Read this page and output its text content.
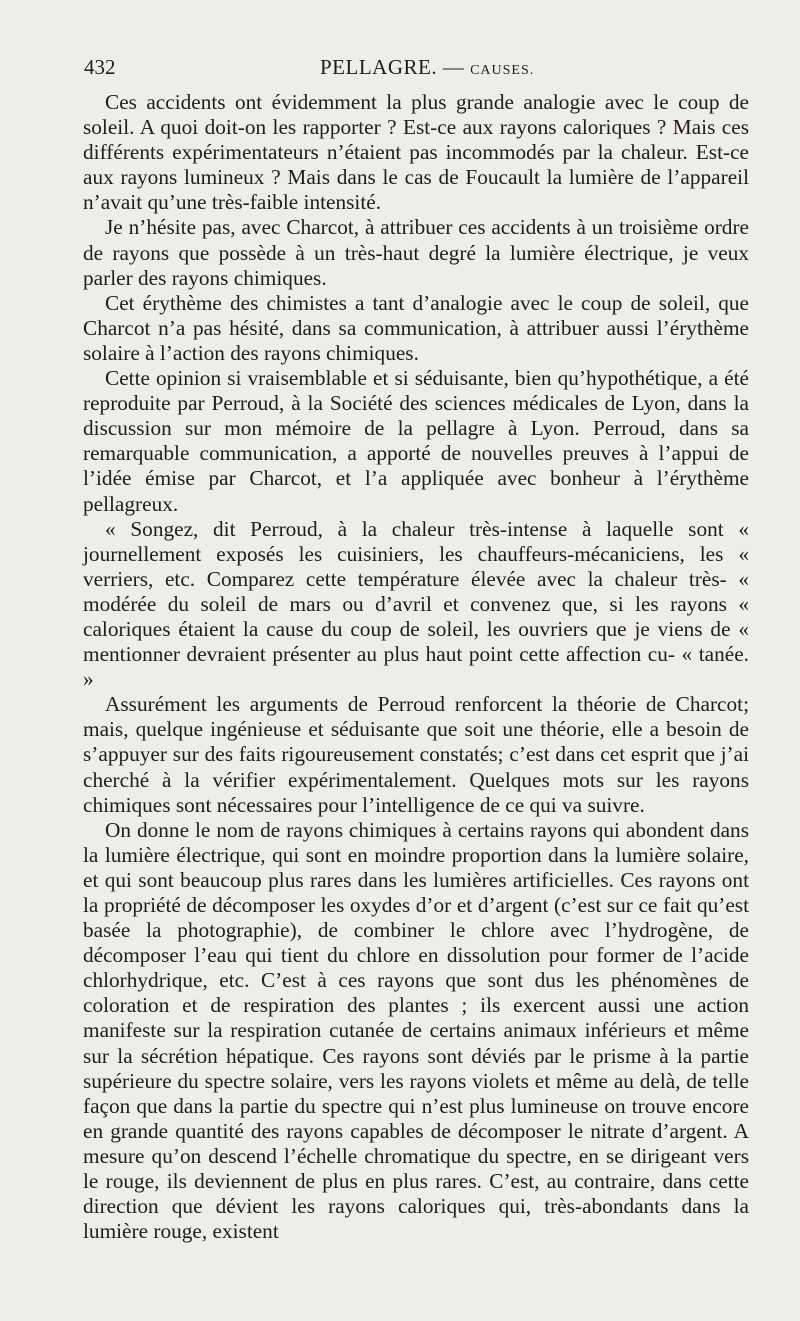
432	PELLAGRE. — CAUSES.

Ces accidents ont évidemment la plus grande analogie avec le coup de soleil. A quoi doit-on les rapporter ? Est-ce aux rayons caloriques ? Mais ces différents expérimentateurs n’étaient pas incommodés par la chaleur. Est-ce aux rayons lumineux ? Mais dans le cas de Foucault la lumière de l’appareil n’avait qu’une très-faible intensité.

Je n’hésite pas, avec Charcot, à attribuer ces accidents à un troisième ordre de rayons que possède à un très-haut degré la lumière électrique, je veux parler des rayons chimiques.

Cet érythème des chimistes a tant d’analogie avec le coup de soleil, que Charcot n’a pas hésité, dans sa communication, à attribuer aussi l’érythème solaire à l’action des rayons chimiques.

Cette opinion si vraisemblable et si séduisante, bien qu’hypothétique, a été reproduite par Perroud, à la Société des sciences médicales de Lyon, dans la discussion sur mon mémoire de la pellagre à Lyon. Perroud, dans sa remarquable communication, a apporté de nouvelles preuves à l’appui de l’idée émise par Charcot, et l’a appliquée avec bonheur à l’érythème pellagreux.

« Songez, dit Perroud, à la chaleur très-intense à laquelle sont « journellement exposés les cuisiniers, les chauffeurs-mécaniciens, les « verriers, etc. Comparez cette température élevée avec la chaleur très- « modérée du soleil de mars ou d’avril et convenez que, si les rayons « caloriques étaient la cause du coup de soleil, les ouvriers que je viens de « mentionner devraient présenter au plus haut point cette affection cu- « tanée. »

Assurément les arguments de Perroud renforcent la théorie de Charcot; mais, quelque ingénieuse et séduisante que soit une théorie, elle a besoin de s’appuyer sur des faits rigoureusement constatés; c’est dans cet esprit que j’ai cherché à la vérifier expérimentalement. Quelques mots sur les rayons chimiques sont nécessaires pour l’intelligence de ce qui va suivre.

On donne le nom de rayons chimiques à certains rayons qui abondent dans la lumière électrique, qui sont en moindre proportion dans la lumière solaire, et qui sont beaucoup plus rares dans les lumières artificielles. Ces rayons ont la propriété de décomposer les oxydes d’or et d’argent (c’est sur ce fait qu’est basée la photographie), de combiner le chlore avec l’hydrogène, de décomposer l’eau qui tient du chlore en dissolution pour former de l’acide chlorhydrique, etc. C’est à ces rayons que sont dus les phénomènes de coloration et de respiration des plantes ; ils exercent aussi une action manifeste sur la respiration cutanée de certains animaux inférieurs et même sur la sécrétion hépatique. Ces rayons sont déviés par le prisme à la partie supérieure du spectre solaire, vers les rayons violets et même au delà, de telle façon que dans la partie du spectre qui n’est plus lumineuse on trouve encore en grande quantité des rayons capables de décomposer le nitrate d’argent. A mesure qu’on descend l’échelle chromatique du spectre, en se dirigeant vers le rouge, ils deviennent de plus en plus rares. C’est, au contraire, dans cette direction que dévient les rayons caloriques qui, très-abondants dans la lumière rouge, existent
